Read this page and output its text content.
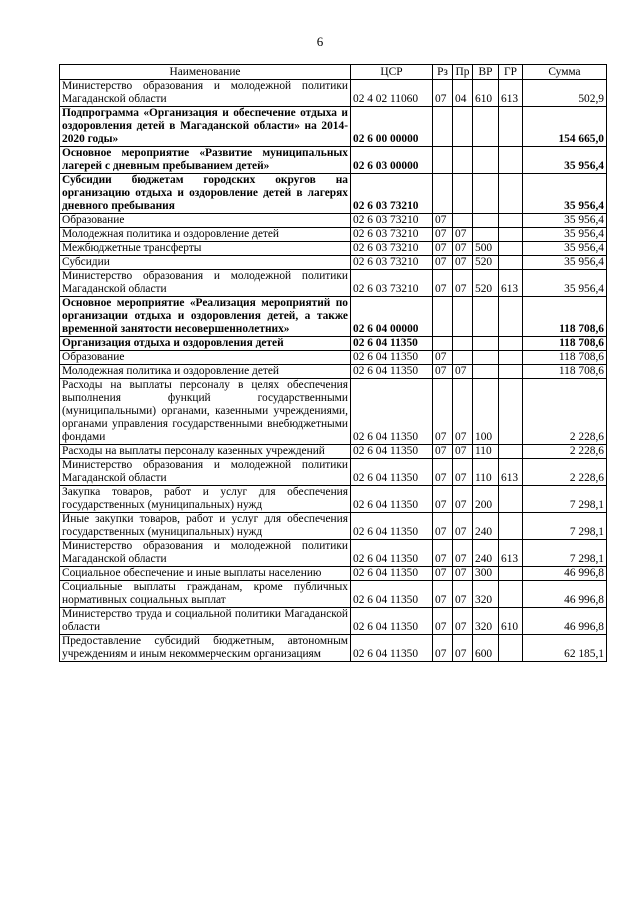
6
Наименование	ЦСР	Рз	Пр	ВР	ГР	Сумма
Министерство образования и молодежной политики Магаданской области	02 4 02 11060	07	04	610	613	502,9
Подпрограмма «Организация и обеспечение отдыха и оздоровления детей в Магаданской области» на 2014-2020 годы»	02 6 00 00000					154 665,0
Основное мероприятие «Развитие муниципальных лагерей с дневным пребыванием детей»	02 6 03 00000					35 956,4
Субсидии бюджетам городских округов на организацию отдыха и оздоровление детей в лагерях дневного пребывания	02 6 03 73210					35 956,4
Образование	02 6 03 73210	07				35 956,4
Молодежная политика и оздоровление детей	02 6 03 73210	07	07			35 956,4
Межбюджетные трансферты	02 6 03 73210	07	07	500		35 956,4
Субсидии	02 6 03 73210	07	07	520		35 956,4
Министерство образования и молодежной политики Магаданской области	02 6 03 73210	07	07	520	613	35 956,4
Основное мероприятие «Реализация мероприятий по организации отдыха и оздоровления детей, а также временной занятости несовершеннолетних»	02 6 04 00000					118 708,6
Организация отдыха и оздоровления детей	02 6 04 11350					118 708,6
Образование	02 6 04 11350	07				118 708,6
Молодежная политика и оздоровление детей	02 6 04 11350	07	07			118 708,6
Расходы на выплаты персоналу в целях обеспечения выполнения функций государственными (муниципальными) органами, казенными учреждениями, органами управления государственными внебюджетными фондами	02 6 04 11350	07	07	100		2 228,6
Расходы на выплаты персоналу казенных учреждений	02 6 04 11350	07	07	110		2 228,6
Министерство образования и молодежной политики Магаданской области	02 6 04 11350	07	07	110	613	2 228,6
Закупка товаров, работ и услуг для обеспечения государственных (муниципальных) нужд	02 6 04 11350	07	07	200		7 298,1
Иные закупки товаров, работ и услуг для обеспечения государственных (муниципальных) нужд	02 6 04 11350	07	07	240		7 298,1
Министерство образования и молодежной политики Магаданской области	02 6 04 11350	07	07	240	613	7 298,1
Социальное обеспечение и иные выплаты населению	02 6 04 11350	07	07	300		46 996,8
Социальные выплаты гражданам, кроме публичных нормативных социальных выплат	02 6 04 11350	07	07	320		46 996,8
Министерство труда и социальной политики Магаданской области	02 6 04 11350	07	07	320	610	46 996,8
Предоставление субсидий бюджетным, автономным учреждениям и иным некоммерческим организациям	02 6 04 11350	07	07	600		62 185,1
